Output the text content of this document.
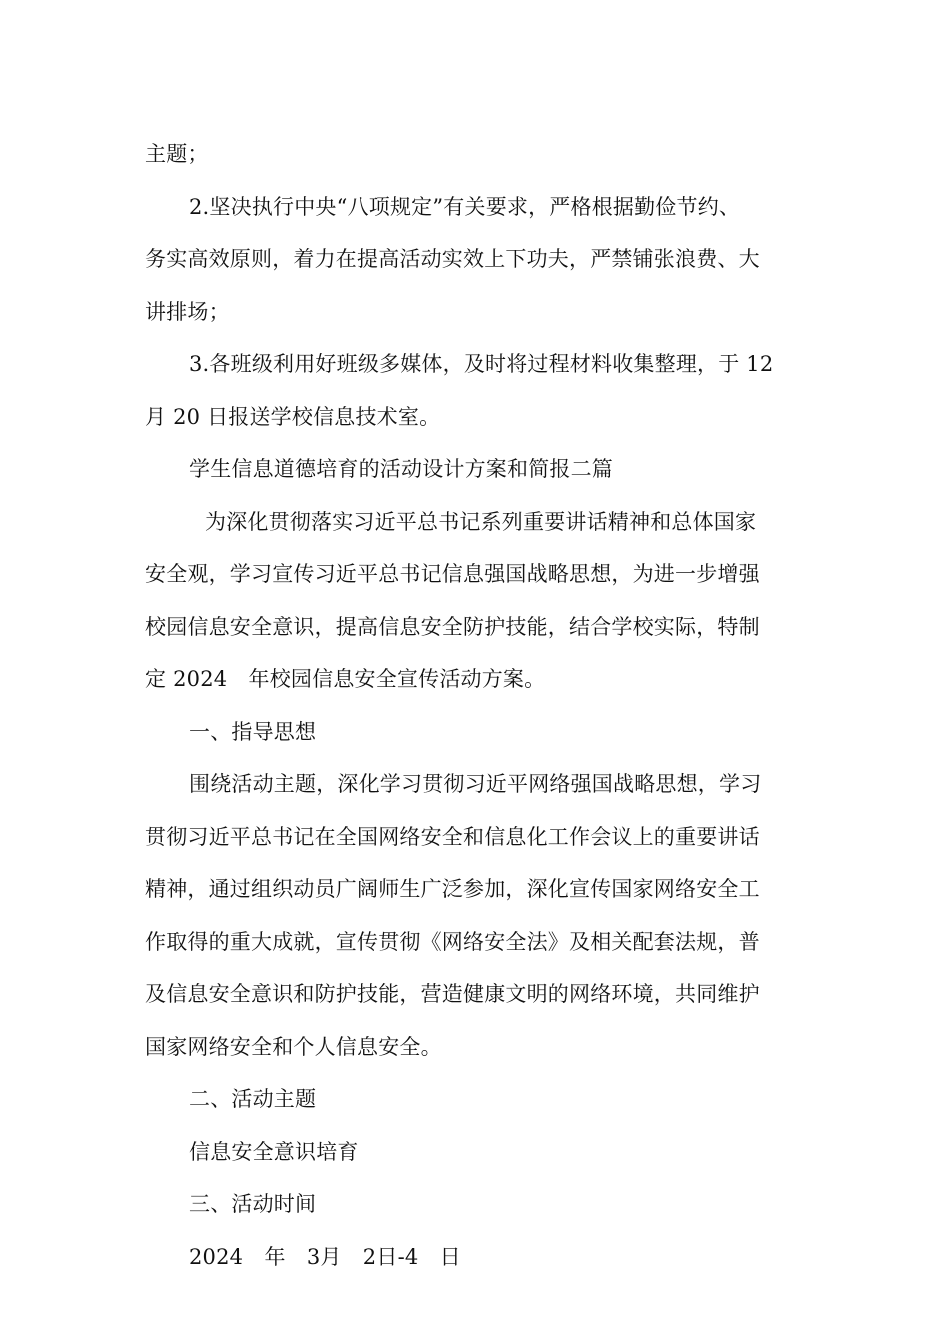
主题；
2.坚决执行中央“八项规定”有关要求，严格根据勤俭节约、
务实高效原则，着力在提高活动实效上下功夫，严禁铺张浪费、大
讲排场；
3.各班级利用好班级多媒体，及时将过程材料收集整理，于 12
月 20 日报送学校信息技术室。
学生信息道德培育的活动设计方案和简报二篇
为深化贯彻落实习近平总书记系列重要讲话精神和总体国家
安全观，学习宣传习近平总书记信息强国战略思想，为进一步增强
校园信息安全意识，提高信息安全防护技能，结合学校实际，特制
定 2024　年校园信息安全宣传活动方案。
一、指导思想
围绕活动主题，深化学习贯彻习近平网络强国战略思想，学习
贯彻习近平总书记在全国网络安全和信息化工作会议上的重要讲话
精神，通过组织动员广阔师生广泛参加，深化宣传国家网络安全工
作取得的重大成就，宣传贯彻《网络安全法》及相关配套法规，普
及信息安全意识和防护技能，营造健康文明的网络环境，共同维护
国家网络安全和个人信息安全。
二、活动主题
信息安全意识培育
三、活动时间
2024　年　3月　2日-4　日
